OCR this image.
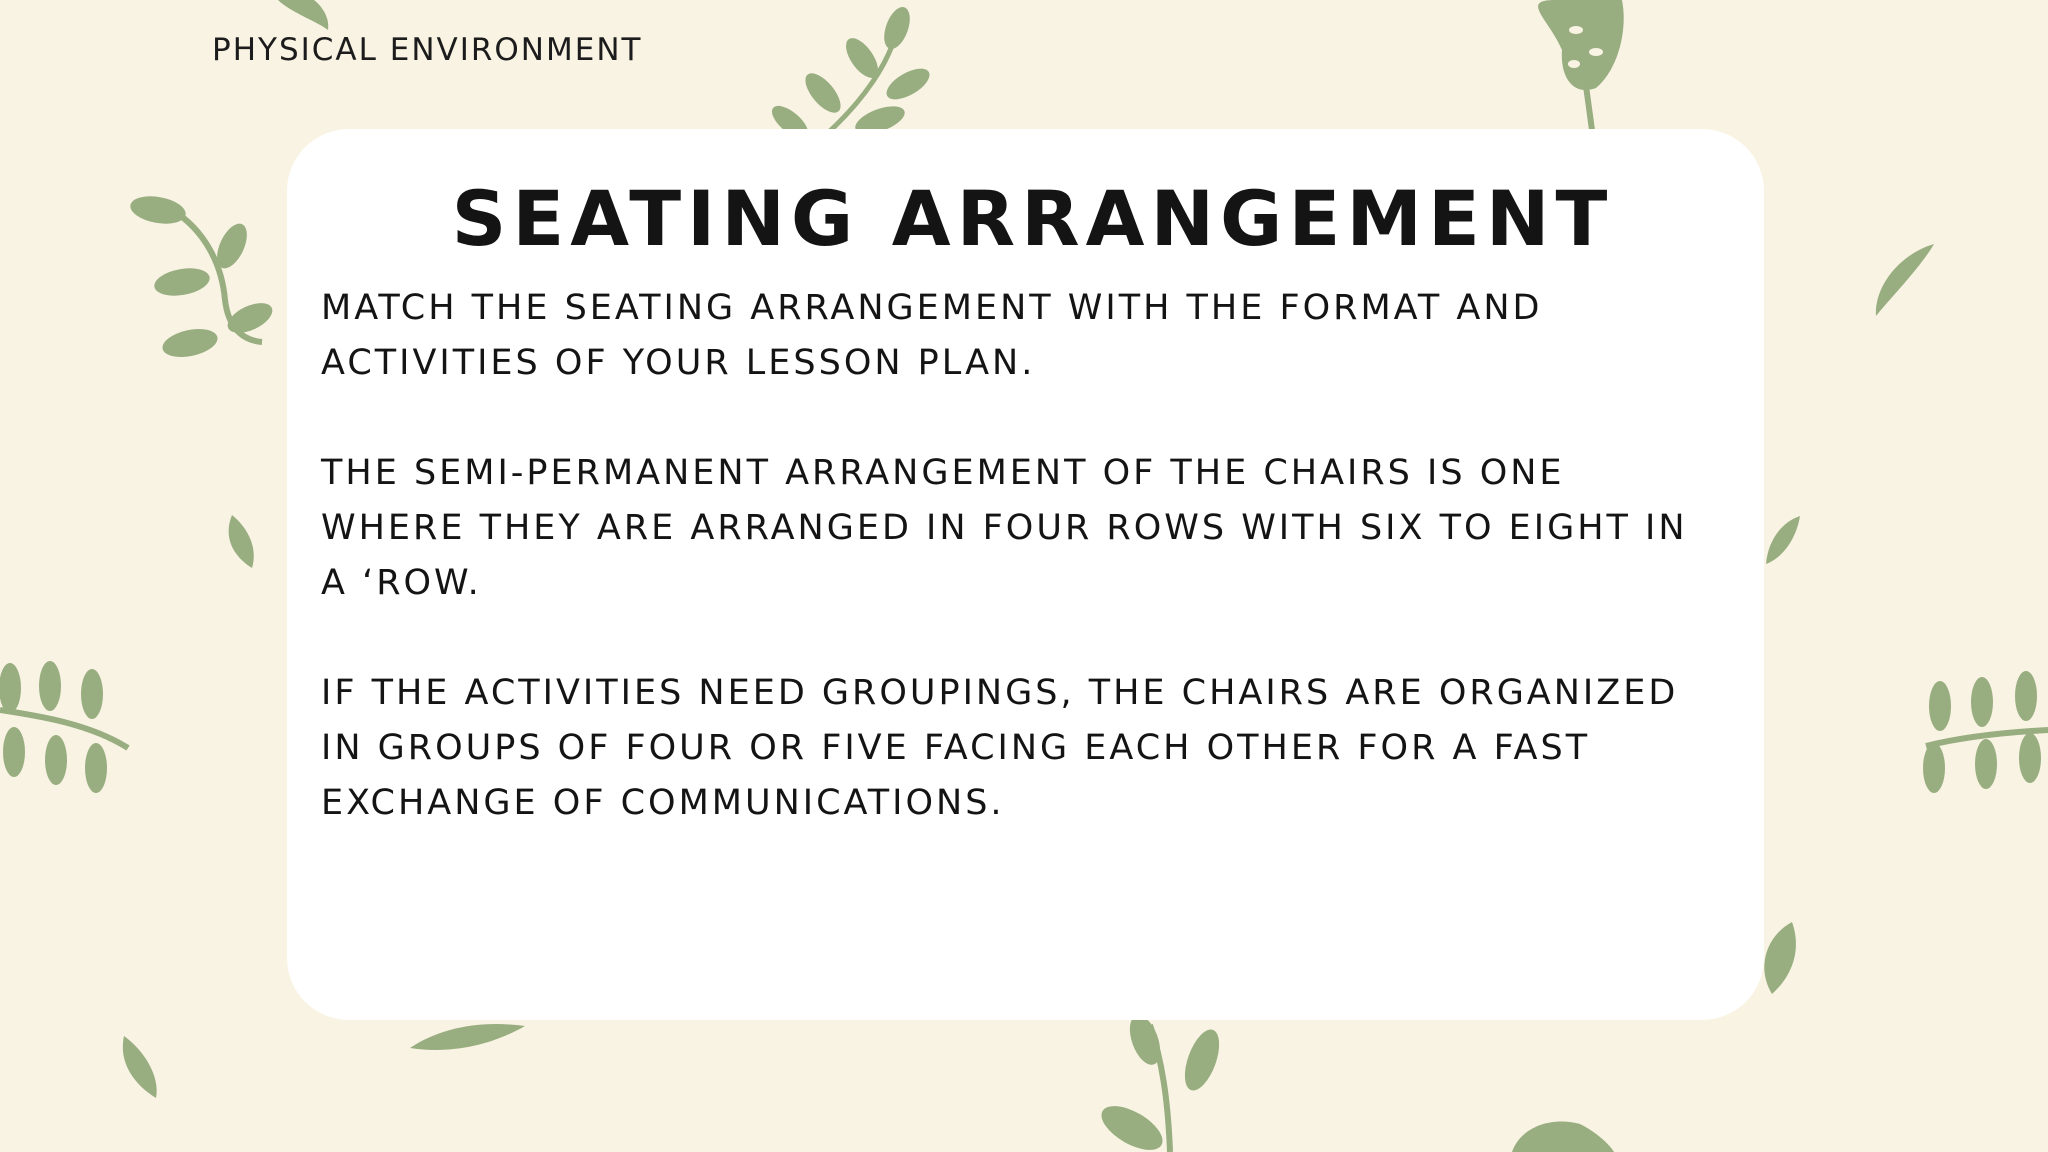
PHYSICAL ENVIRONMENT
SEATING ARRANGEMENT

MATCH THE SEATING ARRANGEMENT WITH THE FORMAT AND
ACTIVITIES OF YOUR LESSON PLAN.

THE SEMI-PERMANENT ARRANGEMENT OF THE CHAIRS IS ONE
WHERE THEY ARE ARRANGED IN FOUR ROWS WITH SIX TO EIGHT IN
A ‘ROW.

IF THE ACTIVITIES NEED GROUPINGS, THE CHAIRS ARE ORGANIZED
IN GROUPS OF FOUR OR FIVE FACING EACH OTHER FOR A FAST
EXCHANGE OF COMMUNICATIONS.
